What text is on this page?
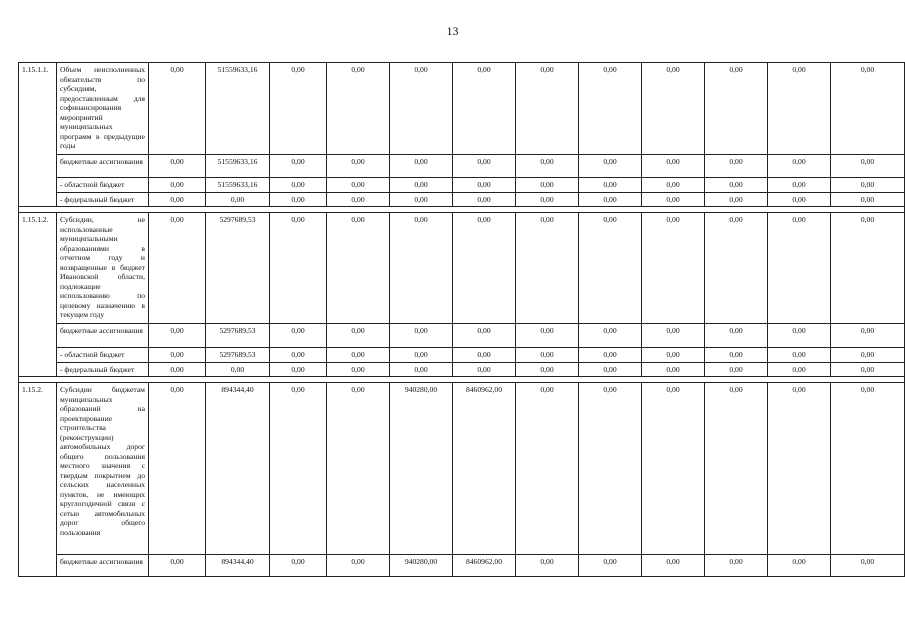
13
1.15.1.1.	Объем неисполненных обязательств по субсидиям, предоставленным для софинансирования мероприятий муниципальных программ в предыдущие годы	0,00	51559633,16	0,00	0,00	0,00	0,00	0,00	0,00	0,00	0,00	0,00	0,00
	бюджетные ассигнования	0,00	51559633,16	0,00	0,00	0,00	0,00	0,00	0,00	0,00	0,00	0,00	0,00
	- областной бюджет	0,00	51559633,16	0,00	0,00	0,00	0,00	0,00	0,00	0,00	0,00	0,00	0,00
	- федеральный бюджет	0,00	0,00	0,00	0,00	0,00	0,00	0,00	0,00	0,00	0,00	0,00	0,00

1.15.1.2.	Субсидии, не использованные муниципальными образованиями в отчетном году и возвращенные в бюджет Ивановской области, подлежащие использованию по целевому назначению в текущем году	0,00	5297689,53	0,00	0,00	0,00	0,00	0,00	0,00	0,00	0,00	0,00	0,00
	бюджетные ассигнования	0,00	5297689,53	0,00	0,00	0,00	0,00	0,00	0,00	0,00	0,00	0,00	0,00
	- областной бюджет	0,00	5297689,53	0,00	0,00	0,00	0,00	0,00	0,00	0,00	0,00	0,00	0,00
	- федеральный бюджет	0,00	0,00	0,00	0,00	0,00	0,00	0,00	0,00	0,00	0,00	0,00	0,00

1.15.2.	Субсидии бюджетам муниципальных образований на проектирование строительства (реконструкции) автомобильных дорог общего пользования местного значения с твердым покрытием до сельских населенных пунктов, не имеющих круглогодичной связи с сетью автомобильных дорог общего пользования	0,00	894344,40	0,00	0,00	940280,00	8460962,00	0,00	0,00	0,00	0,00	0,00	0,00
	бюджетные ассигнования	0,00	894344,40	0,00	0,00	940280,00	8460962,00	0,00	0,00	0,00	0,00	0,00	0,00
